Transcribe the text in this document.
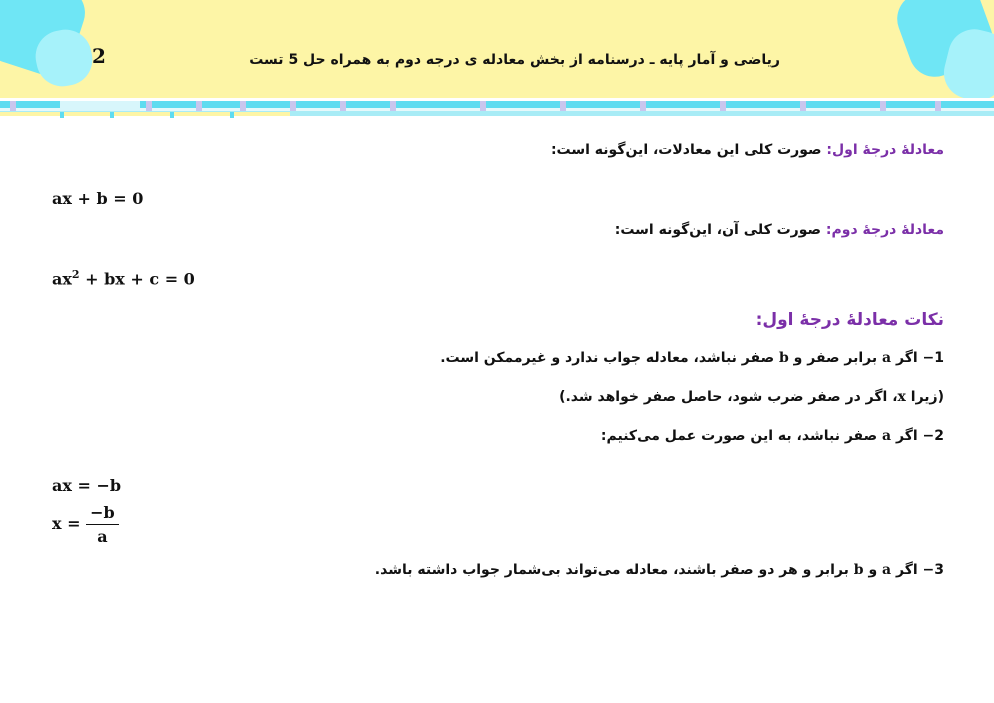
2	ریاضی و آمار پایه ـ درسنامه از بخش معادله ی درجه دوم به همراه حل 5 تست
معادلهٔ درجهٔ اول: صورت کلی این معادلات، این‌گونه است:
ax + b = 0
معادلهٔ درجهٔ دوم: صورت کلی آن، این‌گونه است:
$ax^2$ + bx + c = 0
نکات معادلهٔ درجهٔ اول:
1− اگر a برابر صفر و b صفر نباشد، معادله جواب ندارد و غیرممکن است.
(زیرا x، اگر در صفر ضرب شود، حاصل صفر خواهد شد.)
2− اگر a صفر نباشد، به این صورت عمل می‌کنیم:
ax = −b
$x = \frac{-b}{a}$
3− اگر a و b برابر و هر دو صفر باشند، معادله می‌تواند بی‌شمار جواب داشته باشد.
